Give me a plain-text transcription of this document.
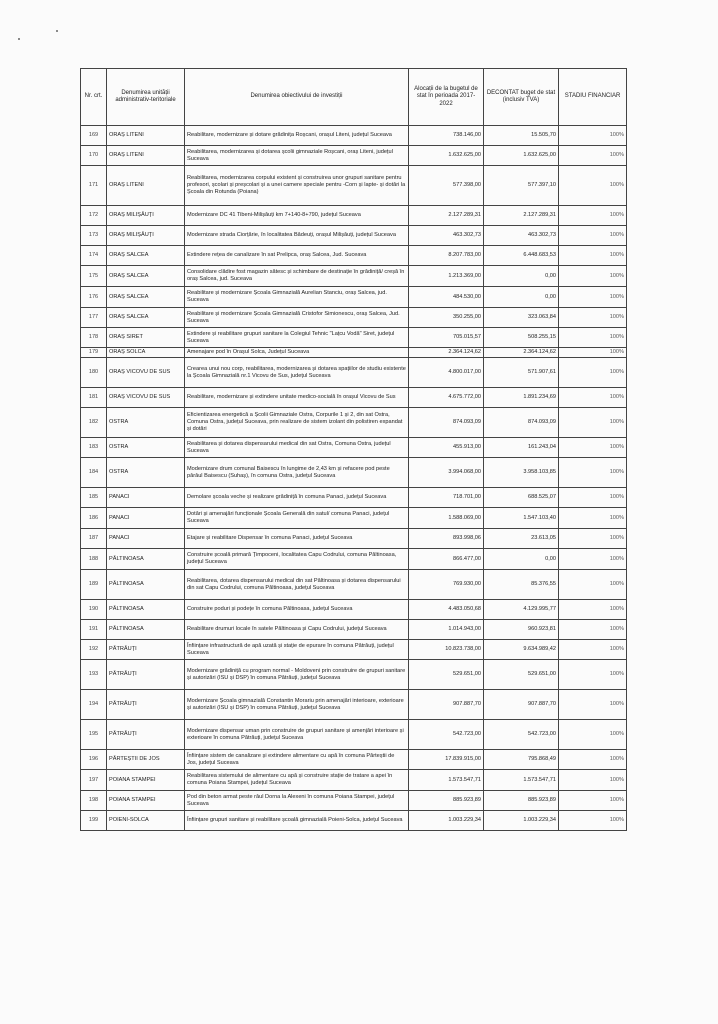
Nr. crt.	Denumirea unității administrativ-teritoriale	Denumirea obiectivului de investiții	Alocații de la bugetul de stat în perioada 2017-2022	DECONTAT buget de stat (inclusiv TVA)	STADIU FINANCIAR
169	ORAȘ LITENI	Reabilitare, modernizare și dotare grădinița Roșcani, orașul Liteni, județul Suceava	738.146,00	15.505,70	100%
170	ORAȘ LITENI	Reabilitarea, modernizarea și dotarea școlii gimnaziale Roșcani, oraș Liteni, județul Suceava	1.632.625,00	1.632.625,00	100%
171	ORAȘ LITENI	Reabilitarea, modernizarea corpului existent și construirea unor grupuri sanitare pentru profesori, școlari și preșcolari și a unei camere speciale pentru -Corn și lapte- și dotări la Școala din Rotunda (Poiana)	577.398,00	577.397,10	100%
172	ORAȘ MILIȘĂUȚI	Modernizare DC 41 Tibeni-Milișăuți km 7+140-8+790, județul Suceava	2.127.289,31	2.127.289,31	100%
173	ORAȘ MILIȘĂUȚI	Modernizare strada Ciorțărie, în localitatea Bădeuți, orașul Milișăuți, județul Suceava	463.302,73	463.302,73	100%
174	ORAȘ SALCEA	Extindere rețea de canalizare în sat Prelipca, oraș Salcea, Jud. Suceava	8.207.783,00	6.448.683,53	100%
175	ORAȘ SALCEA	Consolidare clădire fost magazin sătesc și schimbare de destinație în grădiniță/ creșă în oraș Salcea, jud. Suceava	1.213.369,00	0,00	100%
176	ORAȘ SALCEA	Reabilitare și modernizare Școala Gimnazială Aurelian Stanciu, oraș Salcea, jud. Suceava	484.530,00	0,00	100%
177	ORAȘ SALCEA	Reabilitare și modernizare Școala Gimnazială Cristofor Simionescu, oraș Salcea, Jud. Suceava	350.255,00	323.063,84	100%
178	ORAȘ SIRET	Extindere și reabilitare grupuri sanitare la Colegiul Tehnic "Lațcu Vodă" Siret, județul Suceava	705.015,57	508.255,15	100%
179	ORAȘ SOLCA	Amenajare pod în Orașul Solca, Județul Suceava	2.364.124,62	2.364.124,62	100%
180	ORAȘ VICOVU DE SUS	Crearea unui nou corp, reabilitarea, modernizarea și dotarea spațiilor de studiu existente la Școala Gimnazială nr.1 Vicovu de Sus, județul Suceava	4.800.017,00	571.907,61	100%
181	ORAȘ VICOVU DE SUS	Reabilitare, modernizare și extindere unitate medico-socială în orașul Vicovu de Sus	4.675.772,00	1.891.234,69	100%
182	OSTRA	Eficientizarea energetică a Școlii Gimnaziale Ostra, Corpurile 1 și 2, din sat Ostra, Comuna Ostra, județul Suceava, prin realizare de sistem izolant din polistiren expandat și dotări	874.093,09	874.093,09	100%
183	OSTRA	Reabilitarea și dotarea dispensarului medical din sat Ostra, Comuna Ostra, județul Suceava	455.913,00	161.243,04	100%
184	OSTRA	Modernizare drum comunal Baisescu în lungime de 2,43 km și refacere pod peste pârâul Baisescu (Suhaș), în comuna Ostra, județul Suceava	3.994.068,00	3.958.103,85	100%
185	PANACI	Demolare școala veche și realizare grădiniță în comuna Panaci, județul Suceava	718.701,00	688.525,07	100%
186	PANACI	Dotări și amenajări funcționale Școala Generală din satul/ comuna Panaci, județul Suceava	1.588.069,00	1.547.103,40	100%
187	PANACI	Etajare și reabilitare Dispensar în comuna Panaci, județul Suceava	893.998,06	23.613,05	100%
188	PĂLTINOASA	Construire școală primară Țimpoceni, localitatea Capu Codrului, comuna Păltinoasa, județul Suceava	866.477,00	0,00	100%
189	PĂLTINOASA	Reabilitarea, dotarea dispensarului medical din sat Păltinoasa și dotarea dispensarului din sat Capu Codrului, comuna Păltinoasa, județul Suceava	769.930,00	85.376,55	100%
190	PĂLTINOASA	Construire poduri și podețe în comuna Păltinoasa, județul Suceava	4.483.050,68	4.129.995,77	100%
191	PĂLTINOASA	Reabilitare drumuri locale în satele Păltinoasa și Capu Codrului, județul Suceava	1.014.943,00	960.923,81	100%
192	PĂTRĂUȚI	Înființare infrastructură de apă uzată și stație de epurare în comuna Pătrăuți, județul Suceava	10.823.738,00	9.634.989,42	100%
193	PĂTRĂUȚI	Modernizare grădiniță cu program normal - Moldoveni prin construire de grupuri sanitare și autorizări (ISU și DSP) în comuna Pătrăuți, județul Suceava	529.651,00	529.651,00	100%
194	PĂTRĂUȚI	Modernizare Școala gimnazială Constantin Morariu prin amenajări interioare, exterioare și autorizări (ISU și DSP) în comuna Pătrăuți, județul Suceava	907.887,70	907.887,70	100%
195	PĂTRĂUȚI	Modernizare dispensar uman prin construire de grupuri sanitare și amenjări interioare și exterioare în comuna Pătrăuți, județul Suceava	542.723,00	542.723,00	100%
196	PĂRTEȘTII DE JOS	Înființare sistem de canalizare și extindere alimentare cu apă în comuna Părteștii de Jos, județul Suceava	17.839.915,00	795.868,49	100%
197	POIANA STAMPEI	Reabilitarea sistemului de alimentare cu apă și construire stație de tratare a apei în comuna Poiana Stampei, județul Suceava	1.573.547,71	1.573.547,71	100%
198	POIANA STAMPEI	Pod din beton armat peste râul Dorna la Alexeni în comuna Poiana Stampei, județul Suceava	885.923,89	885.923,89	100%
199	POIENI-SOLCA	Înființare grupuri sanitare și reabilitare școală gimnazială Poieni-Solca, județul Suceava	1.003.229,34	1.003.229,34	100%
